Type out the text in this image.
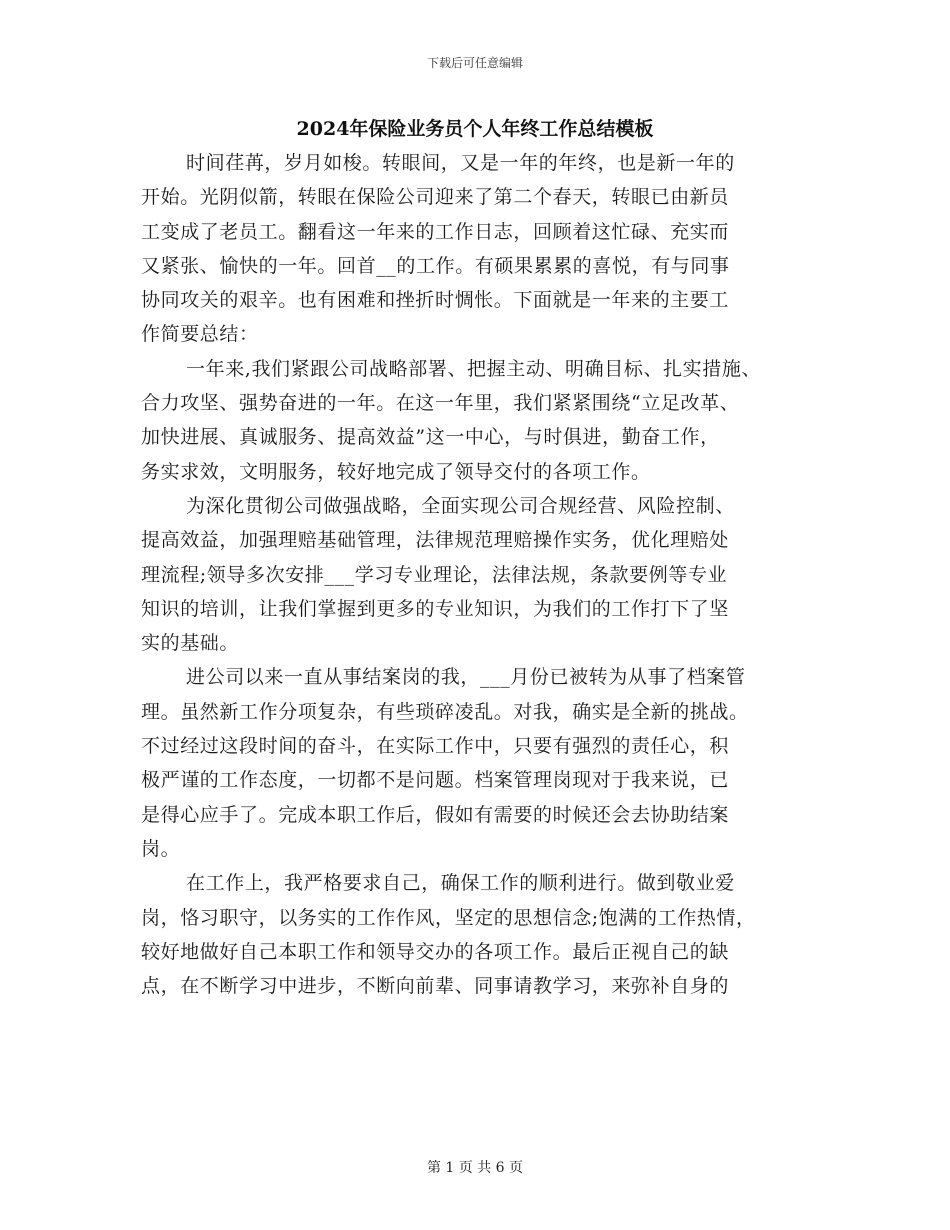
下载后可任意编辑
2024年保险业务员个人年终工作总结模板
时间荏苒，岁月如梭。转眼间，又是一年的年终，也是新一年的
开始。光阴似箭，转眼在保险公司迎来了第二个春天，转眼已由新员
工变成了老员工。翻看这一年来的工作日志，回顾着这忙碌、充实而
又紧张、愉快的一年。回首__的工作。有硕果累累的喜悦，有与同事
协同攻关的艰辛。也有困难和挫折时惆怅。下面就是一年来的主要工
作简要总结：
一年来,我们紧跟公司战略部署、把握主动、明确目标、扎实措施、
合力攻坚、强势奋进的一年。在这一年里，我们紧紧围绕“立足改革、
加快进展、真诚服务、提高效益”这一中心，与时俱进，勤奋工作，
务实求效，文明服务，较好地完成了领导交付的各项工作。
为深化贯彻公司做强战略，全面实现公司合规经营、风险控制、
提高效益，加强理赔基础管理，法律规范理赔操作实务，优化理赔处
理流程;领导多次安排___学习专业理论，法律法规，条款要例等专业
知识的培训，让我们掌握到更多的专业知识，为我们的工作打下了坚
实的基础。
进公司以来一直从事结案岗的我，___月份已被转为从事了档案管
理。虽然新工作分项复杂，有些琐碎凌乱。对我，确实是全新的挑战。
不过经过这段时间的奋斗，在实际工作中，只要有强烈的责任心，积
极严谨的工作态度，一切都不是问题。档案管理岗现对于我来说，已
是得心应手了。完成本职工作后，假如有需要的时候还会去协助结案
岗。
在工作上，我严格要求自己，确保工作的顺利进行。做到敬业爱
岗，恪习职守，以务实的工作作风，坚定的思想信念;饱满的工作热情，
较好地做好自己本职工作和领导交办的各项工作。最后正视自己的缺
点，在不断学习中进步，不断向前辈、同事请教学习，来弥补自身的
第 1 页 共 6 页
